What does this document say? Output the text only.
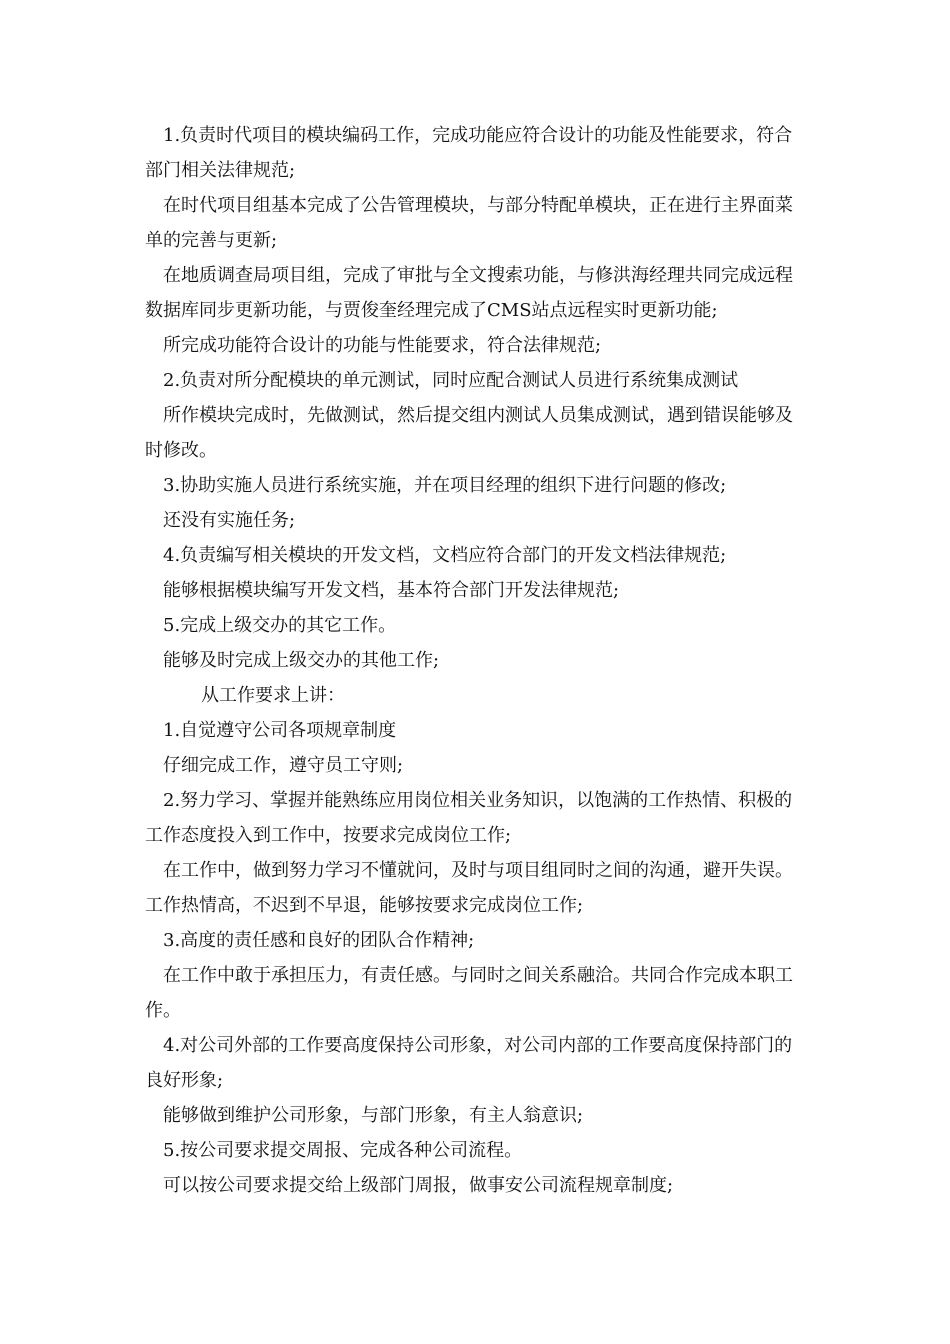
1.负责时代项目的模块编码工作，完成功能应符合设计的功能及性能要求，符合部门相关法律规范;

在时代项目组基本完成了公告管理模块，与部分特配单模块，正在进行主界面菜单的完善与更新;

在地质调查局项目组，完成了审批与全文搜索功能，与修洪海经理共同完成远程数据库同步更新功能，与贾俊奎经理完成了CMS站点远程实时更新功能;

所完成功能符合设计的功能与性能要求，符合法律规范;

2.负责对所分配模块的单元测试，同时应配合测试人员进行系统集成测试

所作模块完成时，先做测试，然后提交组内测试人员集成测试，遇到错误能够及时修改。

3.协助实施人员进行系统实施，并在项目经理的组织下进行问题的修改;

还没有实施任务;

4.负责编写相关模块的开发文档，文档应符合部门的开发文档法律规范;

能够根据模块编写开发文档，基本符合部门开发法律规范;

5.完成上级交办的其它工作。

能够及时完成上级交办的其他工作;

从工作要求上讲：

1.自觉遵守公司各项规章制度

仔细完成工作，遵守员工守则;

2.努力学习、掌握并能熟练应用岗位相关业务知识，以饱满的工作热情、积极的工作态度投入到工作中，按要求完成岗位工作;

在工作中，做到努力学习不懂就问，及时与项目组同时之间的沟通，避开失误。工作热情高，不迟到不早退，能够按要求完成岗位工作;

3.高度的责任感和良好的团队合作精神;

在工作中敢于承担压力，有责任感。与同时之间关系融洽。共同合作完成本职工作。

4.对公司外部的工作要高度保持公司形象，对公司内部的工作要高度保持部门的良好形象;

能够做到维护公司形象，与部门形象，有主人翁意识;

5.按公司要求提交周报、完成各种公司流程。

可以按公司要求提交给上级部门周报，做事安公司流程规章制度;
